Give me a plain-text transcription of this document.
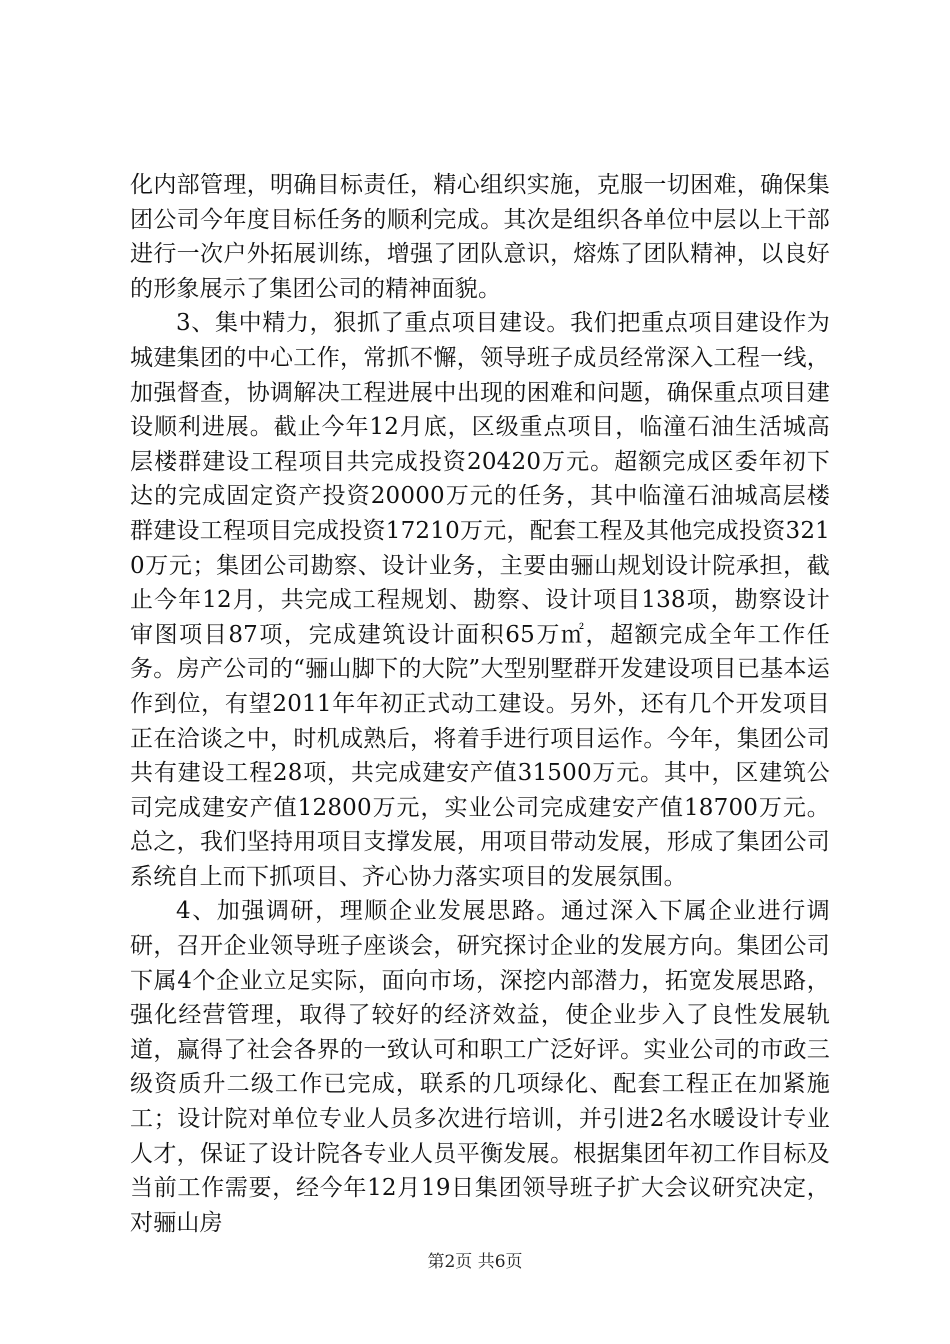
化内部管理，明确目标责任，精心组织实施，克服一切困难，确保集团公司今年度目标任务的顺利完成。其次是组织各单位中层以上干部进行一次户外拓展训练，增强了团队意识，熔炼了团队精神，以良好的形象展示了集团公司的精神面貌。

3、集中精力，狠抓了重点项目建设。我们把重点项目建设作为城建集团的中心工作，常抓不懈，领导班子成员经常深入工程一线，加强督查，协调解决工程进展中出现的困难和问题，确保重点项目建设顺利进展。截止今年12月底，区级重点项目，临潼石油生活城高层楼群建设工程项目共完成投资20420万元。超额完成区委年初下达的完成固定资产投资20000万元的任务，其中临潼石油城高层楼群建设工程项目完成投资17210万元，配套工程及其他完成投资3210万元；集团公司勘察、设计业务，主要由骊山规划设计院承担，截止今年12月，共完成工程规划、勘察、设计项目138项，勘察设计审图项目87项，完成建筑设计面积65万㎡，超额完成全年工作任务。房产公司的“骊山脚下的大院”大型别墅群开发建设项目已基本运作到位，有望2011年年初正式动工建设。另外，还有几个开发项目正在洽谈之中，时机成熟后，将着手进行项目运作。今年，集团公司共有建设工程28项，共完成建安产值31500万元。其中，区建筑公司完成建安产值12800万元，实业公司完成建安产值18700万元。总之，我们坚持用项目支撑发展，用项目带动发展，形成了集团公司系统自上而下抓项目、齐心协力落实项目的发展氛围。

4、加强调研，理顺企业发展思路。通过深入下属企业进行调研，召开企业领导班子座谈会，研究探讨企业的发展方向。集团公司下属4个企业立足实际，面向市场，深挖内部潜力，拓宽发展思路，强化经营管理，取得了较好的经济效益，使企业步入了良性发展轨道，赢得了社会各界的一致认可和职工广泛好评。实业公司的市政三级资质升二级工作已完成，联系的几项绿化、配套工程正在加紧施工；设计院对单位专业人员多次进行培训，并引进2名水暖设计专业人才，保证了设计院各专业人员平衡发展。根据集团年初工作目标及当前工作需要，经今年12月19日集团领导班子扩大会议研究决定，对骊山房

第2页 共6页
